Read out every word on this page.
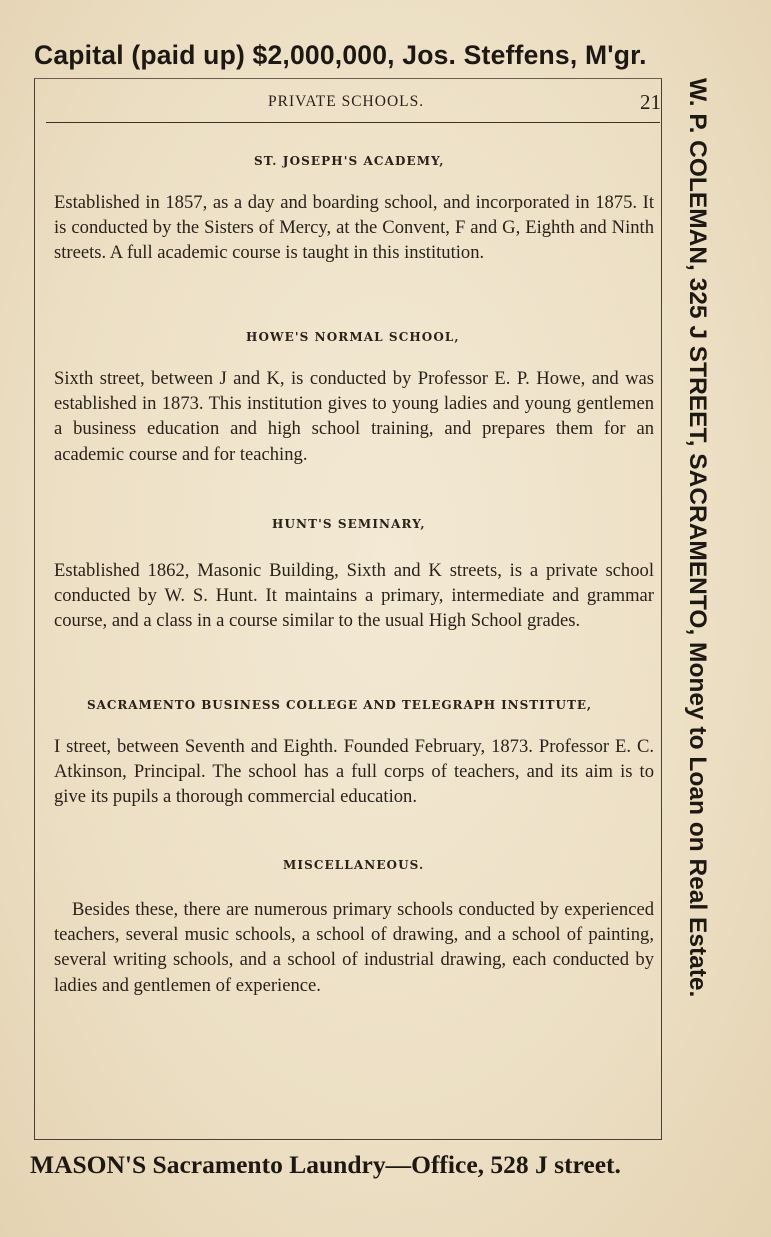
Capital (paid up) $2,000,000, Jos. Steffens, M'gr.
W. P. COLEMAN, 325 J STREET, SACRAMENTO, Money to Loan on Real Estate.
PRIVATE SCHOOLS.	21
ST. JOSEPH'S ACADEMY,
Established in 1857, as a day and boarding school, and incorporated in 1875. It is conducted by the Sisters of Mercy, at the Convent, F and G, Eighth and Ninth streets. A full academic course is taught in this institution.
HOWE'S NORMAL SCHOOL,
Sixth street, between J and K, is conducted by Professor E. P. Howe, and was established in 1873. This institution gives to young ladies and young gentlemen a business education and high school training, and prepares them for an academic course and for teaching.
HUNT'S SEMINARY,
Established 1862, Masonic Building, Sixth and K streets, is a private school conducted by W. S. Hunt. It maintains a primary, intermediate and grammar course, and a class in a course similar to the usual High School grades.
SACRAMENTO BUSINESS COLLEGE AND TELEGRAPH INSTITUTE,
I street, between Seventh and Eighth. Founded February, 1873. Professor E. C. Atkinson, Principal. The school has a full corps of teachers, and its aim is to give its pupils a thorough commercial education.
MISCELLANEOUS.
Besides these, there are numerous primary schools conducted by experienced teachers, several music schools, a school of drawing, and a school of painting, several writing schools, and a school of industrial drawing, each conducted by ladies and gentlemen of experience.
MASON'S Sacramento Laundry—Office, 528 J street.
